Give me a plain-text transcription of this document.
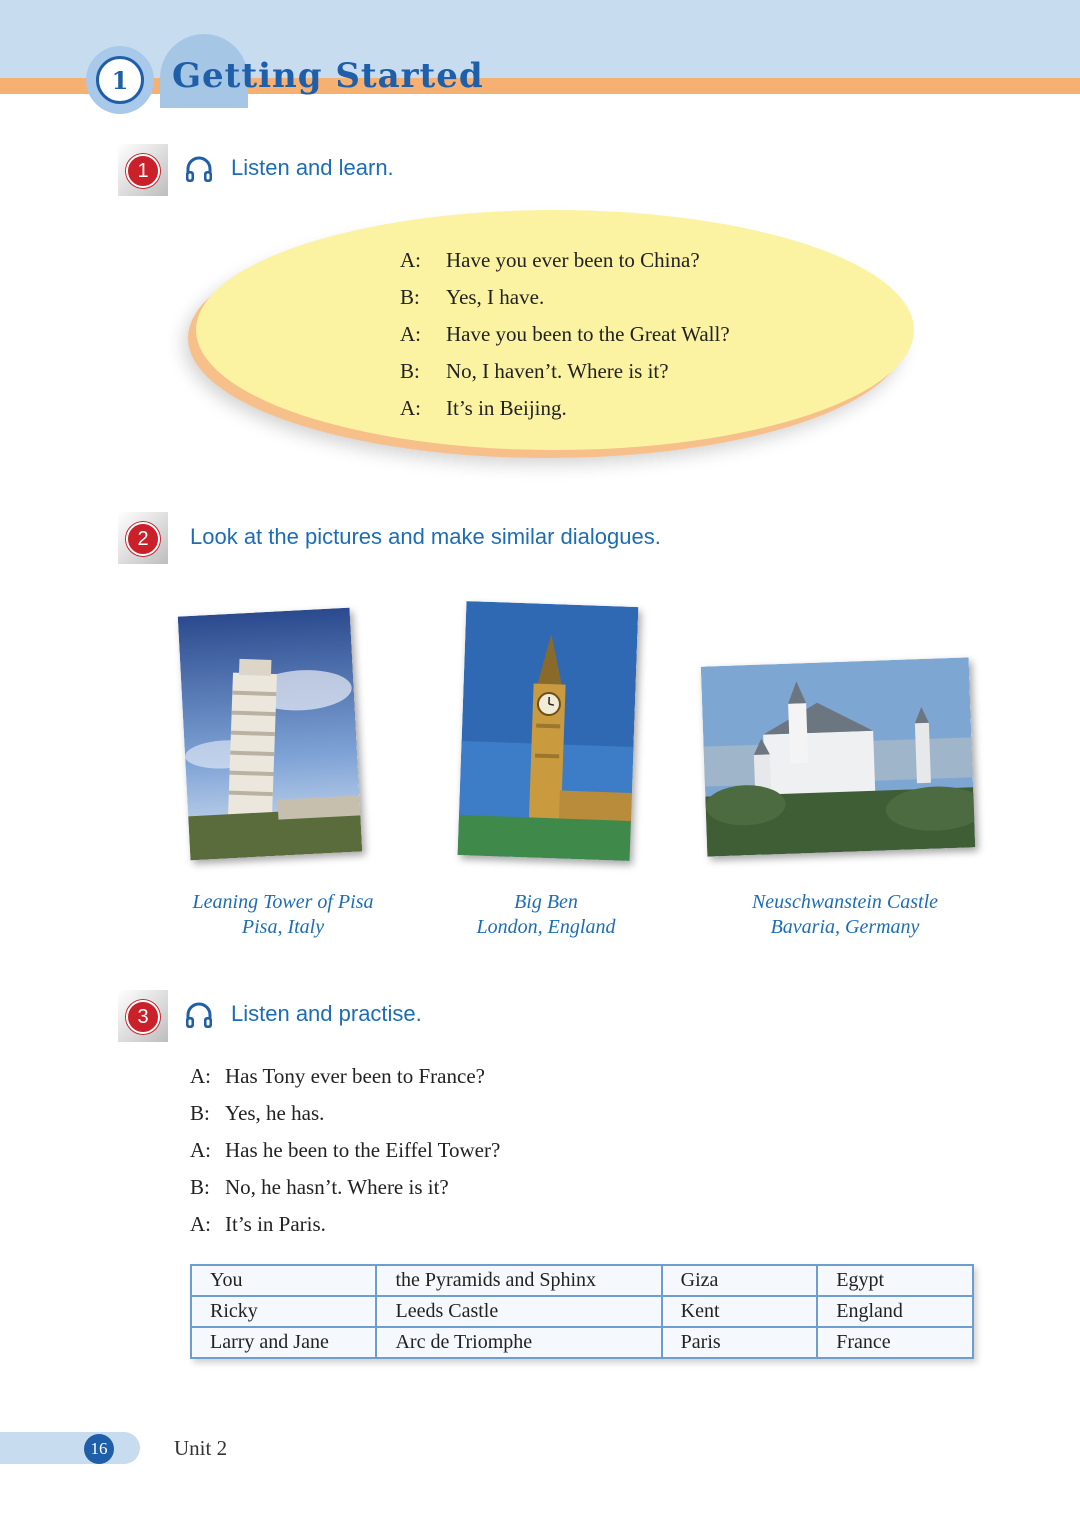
1	Getting Started
1	Listen and learn.
A: Have you ever been to China?
B: Yes, I have.
A: Have you been to the Great Wall?
B: No, I haven’t. Where is it?
A: It’s in Beijing.
2	Look at the pictures and make similar dialogues.
Leaning Tower of Pisa
Pisa, Italy
Big Ben
London, England
Neuschwanstein Castle
Bavaria, Germany
3	Listen and practise.
A: Has Tony ever been to France?
B: Yes, he has.
A: Has he been to the Eiffel Tower?
B: No, he hasn’t. Where is it?
A: It’s in Paris.
You	the Pyramids and Sphinx	Giza	Egypt
Ricky	Leeds Castle	Kent	England
Larry and Jane	Arc de Triomphe	Paris	France
16	Unit 2
